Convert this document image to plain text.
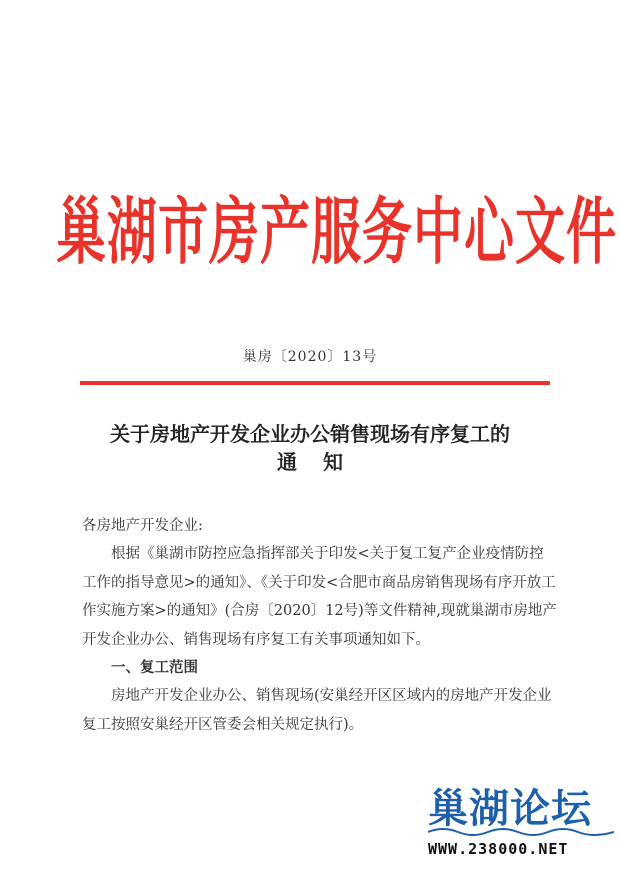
巢湖市房产服务中心文件
巢房〔2020〕13号
关于房地产开发企业办公销售现场有序复工的
通知

各房地产开发企业:

根据《巢湖市防控应急指挥部关于印发<关于复工复产企业疫情防控工作的指导意见>的通知》、《关于印发<合肥市商品房销售现场有序开放工作实施方案>的通知》(合房〔2020〕12号)等文件精神,现就巢湖市房地产开发企业办公、销售现场有序复工有关事项通知如下。

一、复工范围

房地产开发企业办公、销售现场(安巢经开区区域内的房地产开发企业复工按照安巢经开区管委会相关规定执行)。

巢湖论坛
WWW.238000.NET
